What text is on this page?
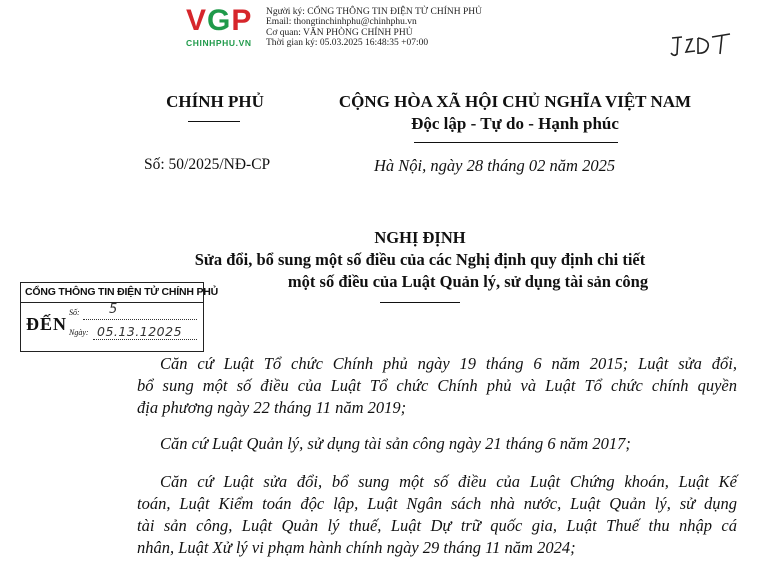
VGP
CHINHPHU.VN
Người ký: CỔNG THÔNG TIN ĐIỆN TỬ CHÍNH PHỦ
Email: thongtinchinhphu@chinhphu.vn
Cơ quan: VĂN PHÒNG CHÍNH PHỦ
Thời gian ký: 05.03.2025 16:48:35 +07:00
CHÍNH PHỦ	CỘNG HÒA XÃ HỘI CHỦ NGHĨA VIỆT NAM
Độc lập - Tự do - Hạnh phúc
Số: 50/2025/NĐ-CP	Hà Nội, ngày 28 tháng 02 năm 2025
NGHỊ ĐỊNH
Sửa đổi, bổ sung một số điều của các Nghị định quy định chi tiết
một số điều của Luật Quản lý, sử dụng tài sản công
CỔNG THÔNG TIN ĐIỆN TỬ CHÍNH PHỦ
ĐẾN
Số: 5
Ngày: 05.13.12025
Căn cứ Luật Tổ chức Chính phủ ngày 19 tháng 6 năm 2015; Luật sửa đổi,
bổ sung một số điều của Luật Tổ chức Chính phủ và Luật Tổ chức chính quyền
địa phương ngày 22 tháng 11 năm 2019;
Căn cứ Luật Quản lý, sử dụng tài sản công ngày 21 tháng 6 năm 2017;
Căn cứ Luật sửa đổi, bổ sung một số điều của Luật Chứng khoán, Luật Kế
toán, Luật Kiểm toán độc lập, Luật Ngân sách nhà nước, Luật Quản lý, sử dụng
tài sản công, Luật Quản lý thuế, Luật Dự trữ quốc gia, Luật Thuế thu nhập cá
nhân, Luật Xử lý vi phạm hành chính ngày 29 tháng 11 năm 2024;
